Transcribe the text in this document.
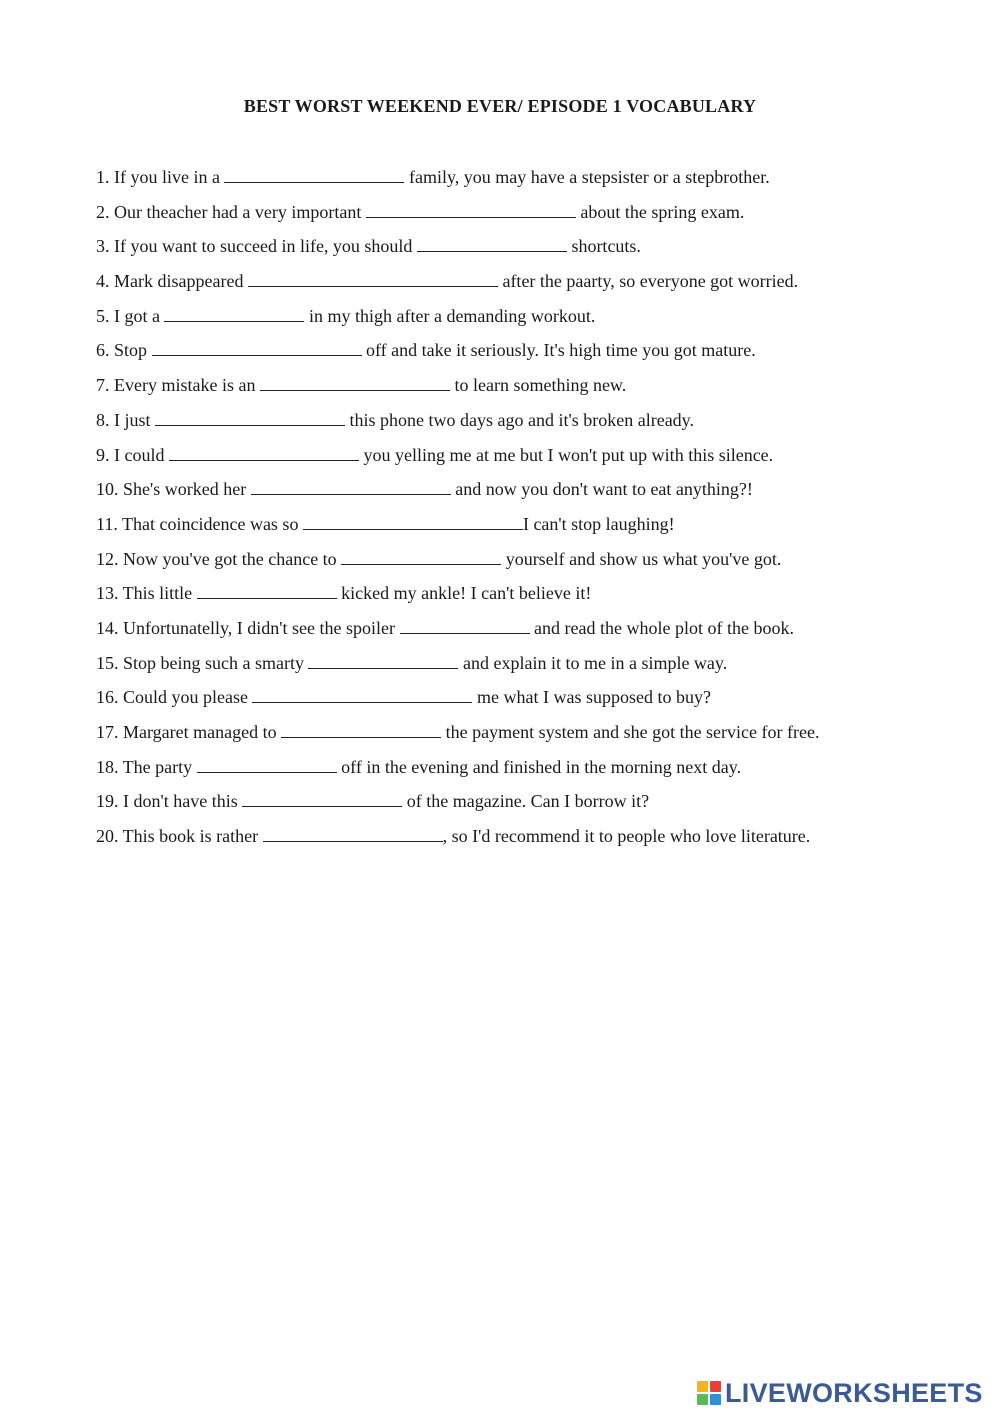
BEST WORST WEEKEND EVER/ EPISODE 1 VOCABULARY
1. If you live in a	family, you may have a stepsister or a stepbrother.
2. Our theacher had a very important	about the spring exam.
3. If you want to succeed in life, you should	shortcuts.
4. Mark disappeared	after the paarty, so everyone got worried.
5. I got a	in my thigh after a demanding workout.
6. Stop	off and take it seriously. It's high time you got mature.
7. Every mistake is an	to learn something new.
8. I just	this phone two days ago and it's broken already.
9. I could	you yelling me at me but I won't put up with this silence.
10. She's worked her	and now you don't want to eat anything?!
11. That coincidence was so	I can't stop laughing!
12. Now you've got the chance to	yourself and show us what you've got.
13. This little	kicked my ankle! I can't believe it!
14. Unfortunatelly, I didn't see the spoiler	and read the whole plot of the book.
15. Stop being such a smarty	and explain it to me in a simple way.
16. Could you please	me what I was supposed to buy?
17. Margaret managed to	the payment system and she got the service for free.
18. The party	off in the evening and finished in the morning next day.
19. I don't have this	of the magazine. Can I borrow it?
20. This book is rather	, so I'd recommend it to people who love literature.
LIVEWORKSHEETS
